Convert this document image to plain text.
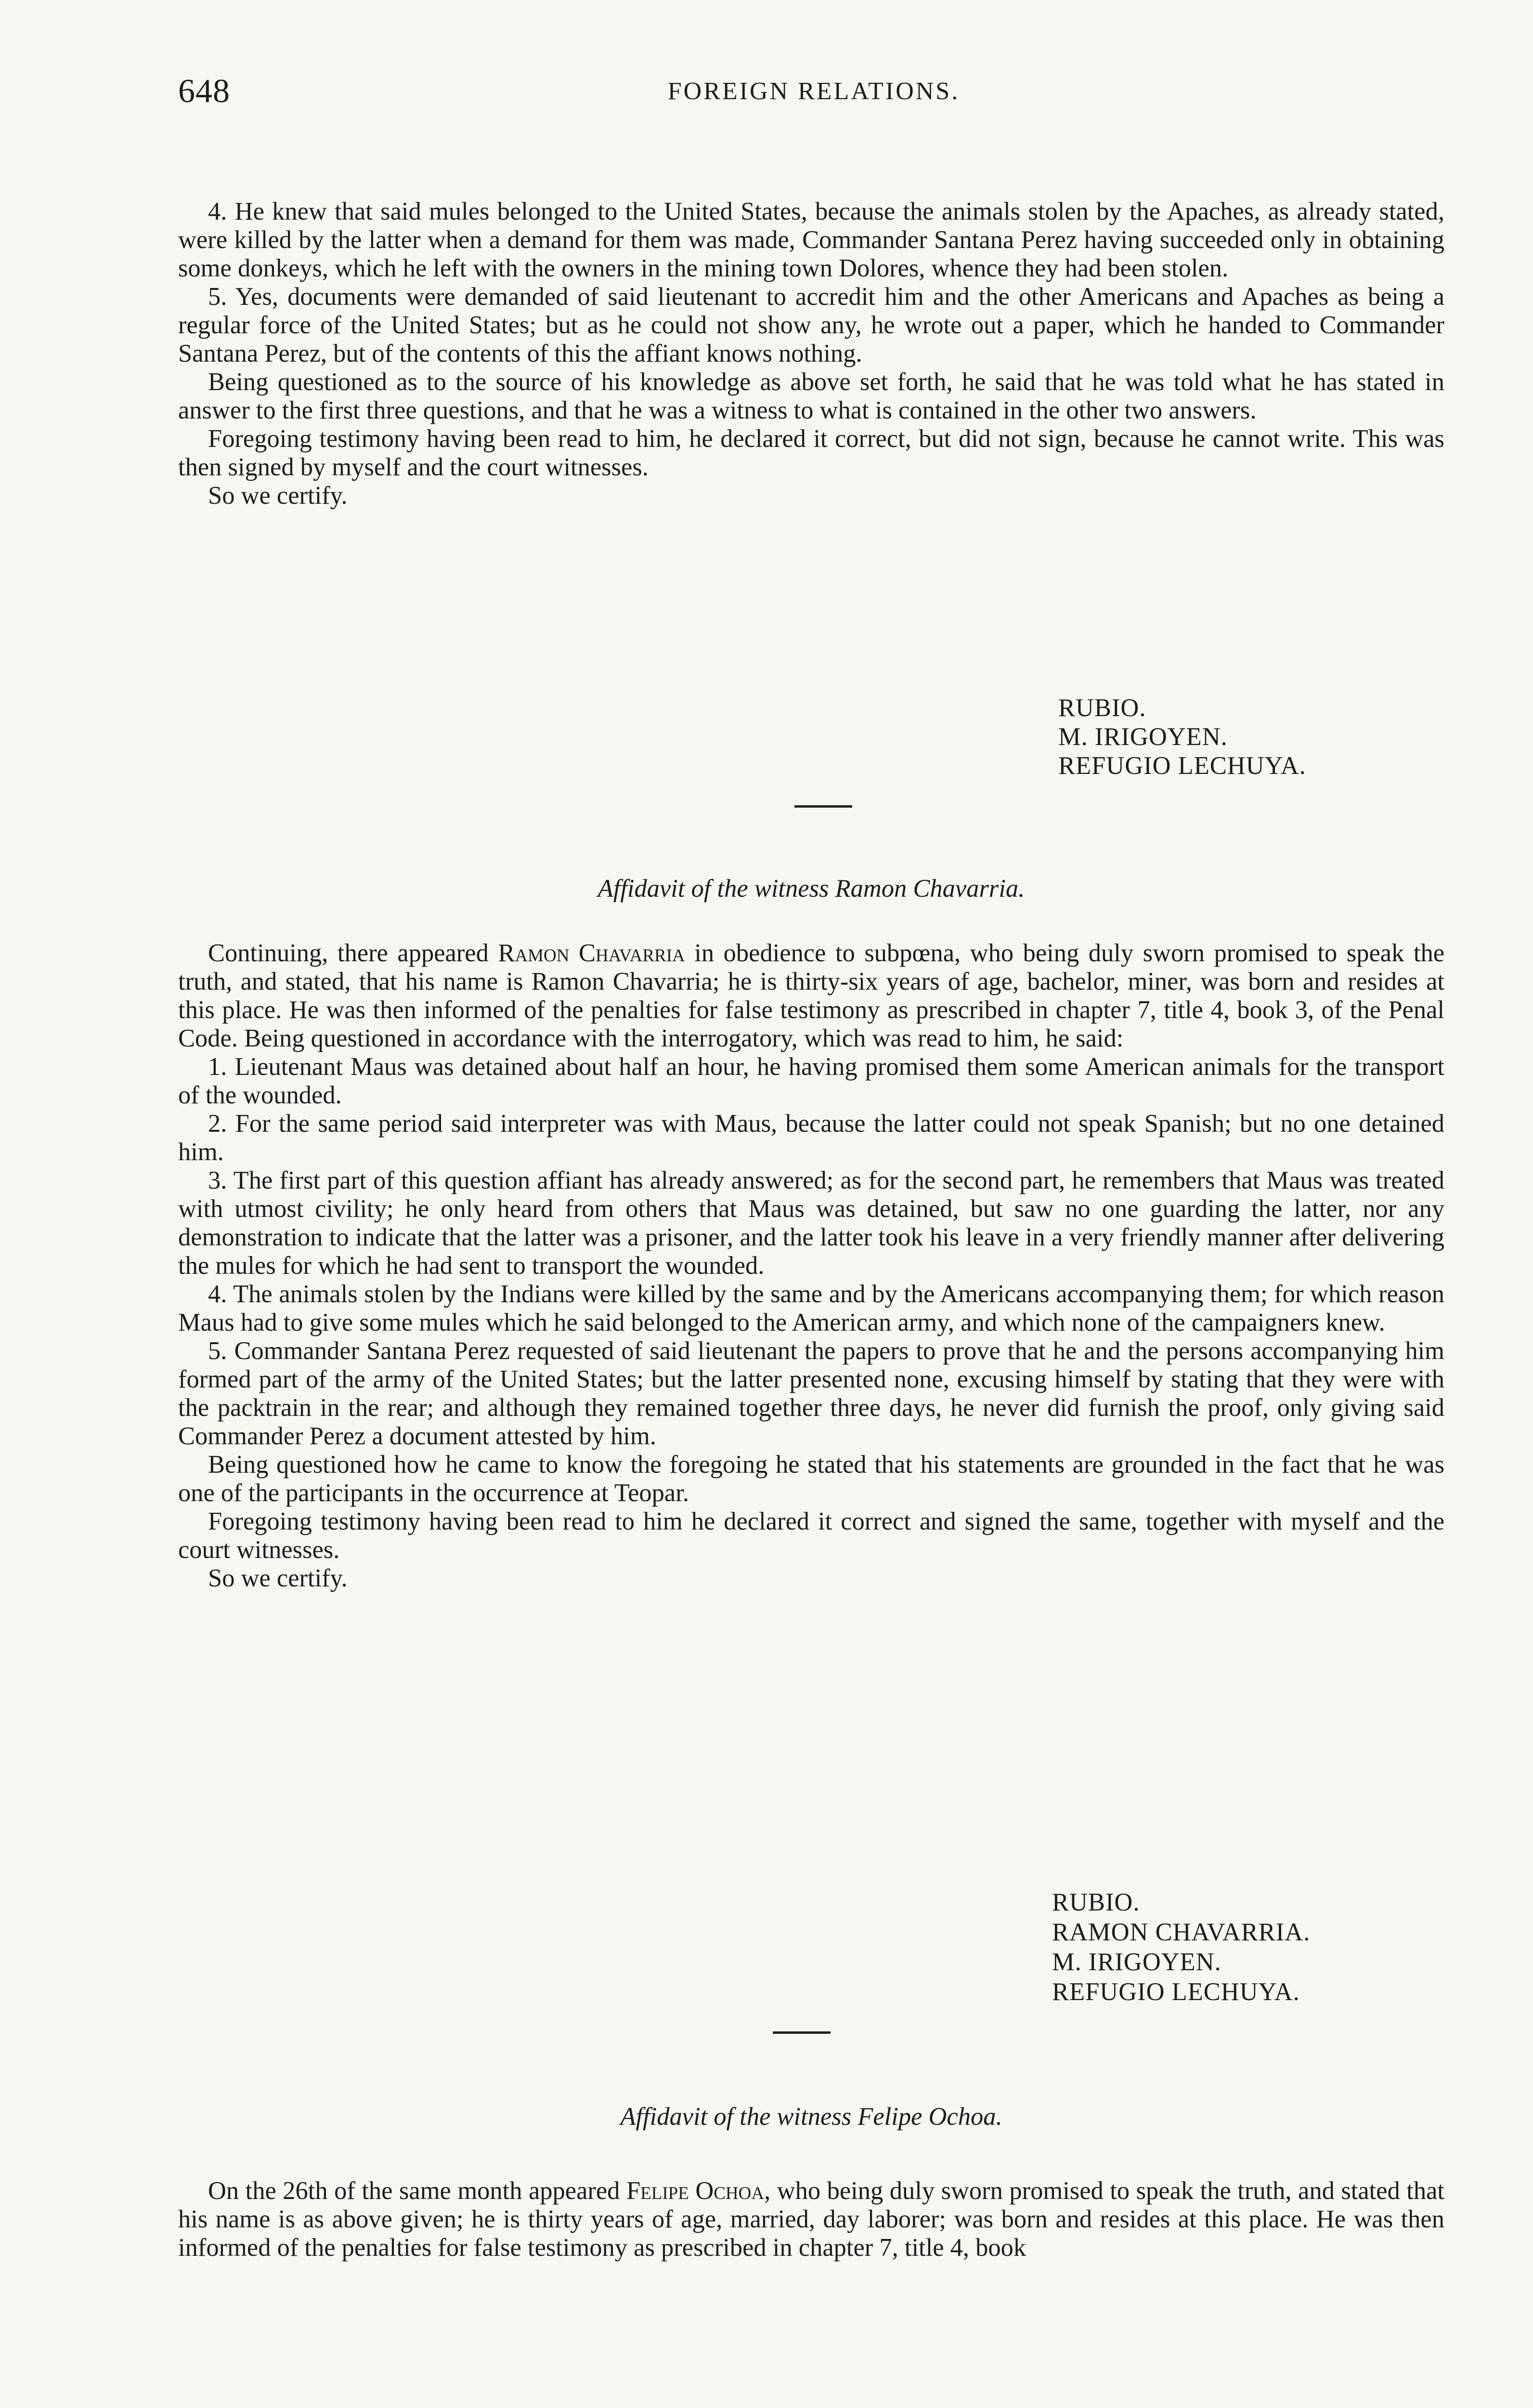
648	FOREIGN RELATIONS.

4. He knew that said mules belonged to the United States, because the animals stolen by the Apaches, as already stated, were killed by the latter when a demand for them was made, Commander Santana Perez having succeeded only in obtaining some donkeys, which he left with the owners in the mining town Dolores, whence they had been stolen.

5. Yes, documents were demanded of said lieutenant to accredit him and the other Americans and Apaches as being a regular force of the United States; but as he could not show any, he wrote out a paper, which he handed to Commander Santana Perez, but of the contents of this the affiant knows nothing.

Being questioned as to the source of his knowledge as above set forth, he said that he was told what he has stated in answer to the first three questions, and that he was a witness to what is contained in the other two answers.

Foregoing testimony having been read to him, he declared it correct, but did not sign, because he cannot write. This was then signed by myself and the court witnesses.

So we certify.

RUBIO.

M. IRIGOYEN.

REFUGIO LECHUYA.

Affidavit of the witness Ramon Chavarria.

Continuing, there appeared Ramon Chavarria in obedience to subpœna, who being duly sworn promised to speak the truth, and stated, that his name is Ramon Chavarria; he is thirty-six years of age, bachelor, miner, was born and resides at this place. He was then informed of the penalties for false testimony as prescribed in chapter 7, title 4, book 3, of the Penal Code. Being questioned in accordance with the interrogatory, which was read to him, he said:

1. Lieutenant Maus was detained about half an hour, he having promised them some American animals for the transport of the wounded.

2. For the same period said interpreter was with Maus, because the latter could not speak Spanish; but no one detained him.

3. The first part of this question affiant has already answered; as for the second part, he remembers that Maus was treated with utmost civility; he only heard from others that Maus was detained, but saw no one guarding the latter, nor any demonstration to indicate that the latter was a prisoner, and the latter took his leave in a very friendly manner after delivering the mules for which he had sent to transport the wounded.

4. The animals stolen by the Indians were killed by the same and by the Americans accompanying them; for which reason Maus had to give some mules which he said belonged to the American army, and which none of the campaigners knew.

5. Commander Santana Perez requested of said lieutenant the papers to prove that he and the persons accompanying him formed part of the army of the United States; but the latter presented none, excusing himself by stating that they were with the packtrain in the rear; and although they remained together three days, he never did furnish the proof, only giving said Commander Perez a document attested by him.

Being questioned how he came to know the foregoing he stated that his statements are grounded in the fact that he was one of the participants in the occurrence at Teopar.

Foregoing testimony having been read to him he declared it correct and signed the same, together with myself and the court witnesses.

So we certify.

RUBIO.

RAMON CHAVARRIA.

M. IRIGOYEN.

REFUGIO LECHUYA.

Affidavit of the witness Felipe Ochoa.

On the 26th of the same month appeared Felipe Ochoa, who being duly sworn promised to speak the truth, and stated that his name is as above given; he is thirty years of age, married, day laborer; was born and resides at this place. He was then informed of the penalties for false testimony as prescribed in chapter 7, title 4, book
